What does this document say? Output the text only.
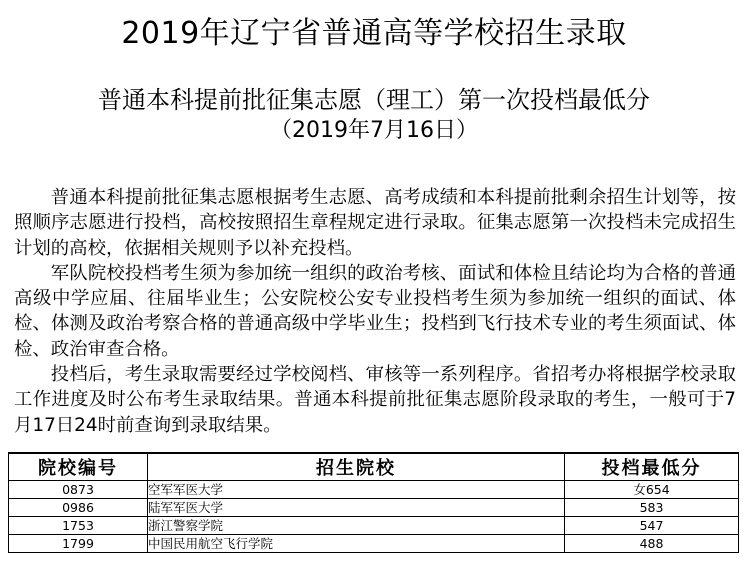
2019年辽宁省普通高等学校招生录取
普通本科提前批征集志愿（理工）第一次投档最低分
（2019年7月16日）

普通本科提前批征集志愿根据考生志愿、高考成绩和本科提前批剩余招生计划等，按照顺序志愿进行投档，高校按照招生章程规定进行录取。征集志愿第一次投档未完成招生计划的高校，依据相关规则予以补充投档。

军队院校投档考生须为参加统一组织的政治考核、面试和体检且结论均为合格的普通高级中学应届、往届毕业生；公安院校公安专业投档考生须为参加统一组织的面试、体检、体测及政治考察合格的普通高级中学毕业生；投档到飞行技术专业的考生须面试、体检、政治审查合格。

投档后，考生录取需要经过学校阅档、审核等一系列程序。省招考办将根据学校录取工作进度及时公布考生录取结果。普通本科提前批征集志愿阶段录取的考生，一般可于7月17日24时前查询到录取结果。

院校编号	招生院校	投档最低分
0873	空军军医大学	女654
0986	陆军军医大学	583
1753	浙江警察学院	547
1799	中国民用航空飞行学院	488
